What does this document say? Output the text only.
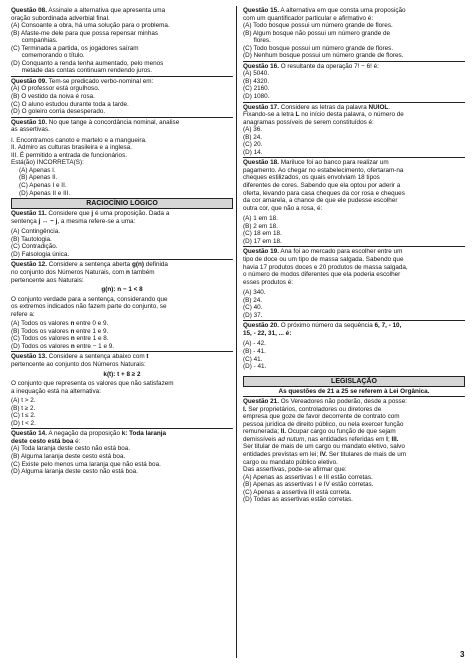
Questão 08. Assinale a alternativa que apresenta uma
oração subordinada adverbial final.
(A) Consoante a obra, há uma solução para o problema.
(B) Afaste-me dele para que possa repensar minhas
companhias.
(C) Terminada a partida, os jogadores saíram
comemorando o título.
(D) Conquanto a renda tenha aumentado, pelo menos
metade das contas continuam rendendo juros.
Questão 09. Tem-se predicado verbo-nominal em:
(A) O professor está orgulhoso.
(B) O vestido da noiva é rosa.
(C) O aluno estudou durante toda a tarde.
(D) O goleiro corria desesperado.
Questão 10. No que tange à concordância nominal, analise
as assertivas.
I. Encontramos canoto e martelo e a mangueira.
II. Admiro as culturas brasileira e a inglesa.
III. É permitido a entrada de funcionários.
Está(ão) INCORRETA(S):
(A) Apenas I.
(B) Apenas II.
(C) Apenas I e II.
(D) Apenas II e III.
RACIOCÍNIO LÓGICO
Questão 11. Considere que j é uma proposição. Dada a
sentença j ↔ ~ j, a mesma refere-se a uma:
(A) Contingência.
(B) Tautologia.
(C) Contradição.
(D) Falsologia única.
Questão 12. Considere a sentença aberta g(n) definida
no conjunto dos Números Naturais, com n também
pertencente aos Naturais:
g(n): n − 1 < 8
O conjunto verdade para a sentença, considerando que
os extremos indicados não fazem parte do conjunto, se
refere a:
(A) Todos os valores n entre 0 e 9.
(B) Todos os valores n entre 1 e 9.
(C) Todos os valores n entre 1 e 8.
(D) Todos os valores n entre − 1 e 9.
Questão 13. Considere a sentença abaixo com t
pertencente ao conjunto dos Números Naturais:
k(t): t + 8 ≥ 2
O conjunto que representa os valores que não satisfazem
a inequação está na alternativa:
(A) t > 2.
(B) t ≥ 2.
(C) t ≤ 2.
(D) t < 2.
Questão 14. A negação da proposição k: Toda laranja
deste cesto está boa é:
(A) Toda laranja deste cesto não está boa.
(B) Alguma laranja deste cesto está boa.
(C) Existe pelo menos uma laranja que não está boa.
(D) Alguma laranja deste cesto não está boa.
Questão 15. A alternativa em que consta uma proposição
com um quantificador particular e afirmativo é:
(A) Todo bosque possui um número grande de flores.
(B) Algum bosque não possui um número grande de
flores.
(C) Todo bosque possui um número grande de flores.
(D) Nenhum bosque possui um número grande de flores.
Questão 16. O resultante da operação 7! − 6! é:
(A) 5040.
(B) 4320.
(C) 2160.
(D) 1080.
Questão 17. Considere as letras da palavra NUIOL.
Fixando-se a letra L no início desta palavra, o número de
anagramas possíveis de serem constituídos é:
(A) 36.
(B) 24.
(C) 20.
(D) 14.
Questão 18. Mariluce foi ao banco para realizar um
pagamento. Ao chegar no estabelecimento, ofertaram-na
cheques estilizados, os quais envolviam 18 tipos
diferentes de cores. Sabendo que ela optou por aderir a
oferta, levando para casa cheques da cor rosa e cheques
da cor amarela, a chance de que ele pudesse escolher
outra cor, que não a rosa, é:
(A) 1 em 18.
(B) 2 em 18.
(C) 18 em 18.
(D) 17 em 18.
Questão 19. Ana foi ao mercado para escolher entre um
tipo de doce ou um tipo de massa salgada. Sabendo que
havia 17 produtos doces e 20 produtos de massa salgada,
o número de modos diferentes que ela poderia escolher
esses produtos é:
(A) 340.
(B) 24.
(C) 40.
(D) 37.
Questão 20. O próximo número da sequência 6, 7, - 10,
15, - 22, 31, ... é:
(A) - 42.
(B) - 41.
(C) 41.
(D) - 41.
LEGISLAÇÃO
As questões de 21 a 25 se referem à Lei Orgânica.
Questão 21. Os Vereadores não poderão, desde a posse:
I. Ser proprietários, controladores ou diretores de
empresa que goze de favor decorrente de contrato com
pessoa jurídica de direito público, ou nela exercer função
remunerada; II. Ocupar cargo ou função de que sejam
demissíveis ad nutum, nas entidades referidas em I; III.
Ser titular de mais de um cargo ou mandato eletivo, salvo
entidades previstas em lei; IV. Ser titulares de mais de um
cargo ou mandato público eletivo.
Das assertivas, pode-se afirmar que:
(A) Apenas as assertivas I e III estão corretas.
(B) Apenas as assertivas I e IV estão corretas.
(C) Apenas a assertiva III está correta.
(D) Todas as assertivas estão corretas.
3
